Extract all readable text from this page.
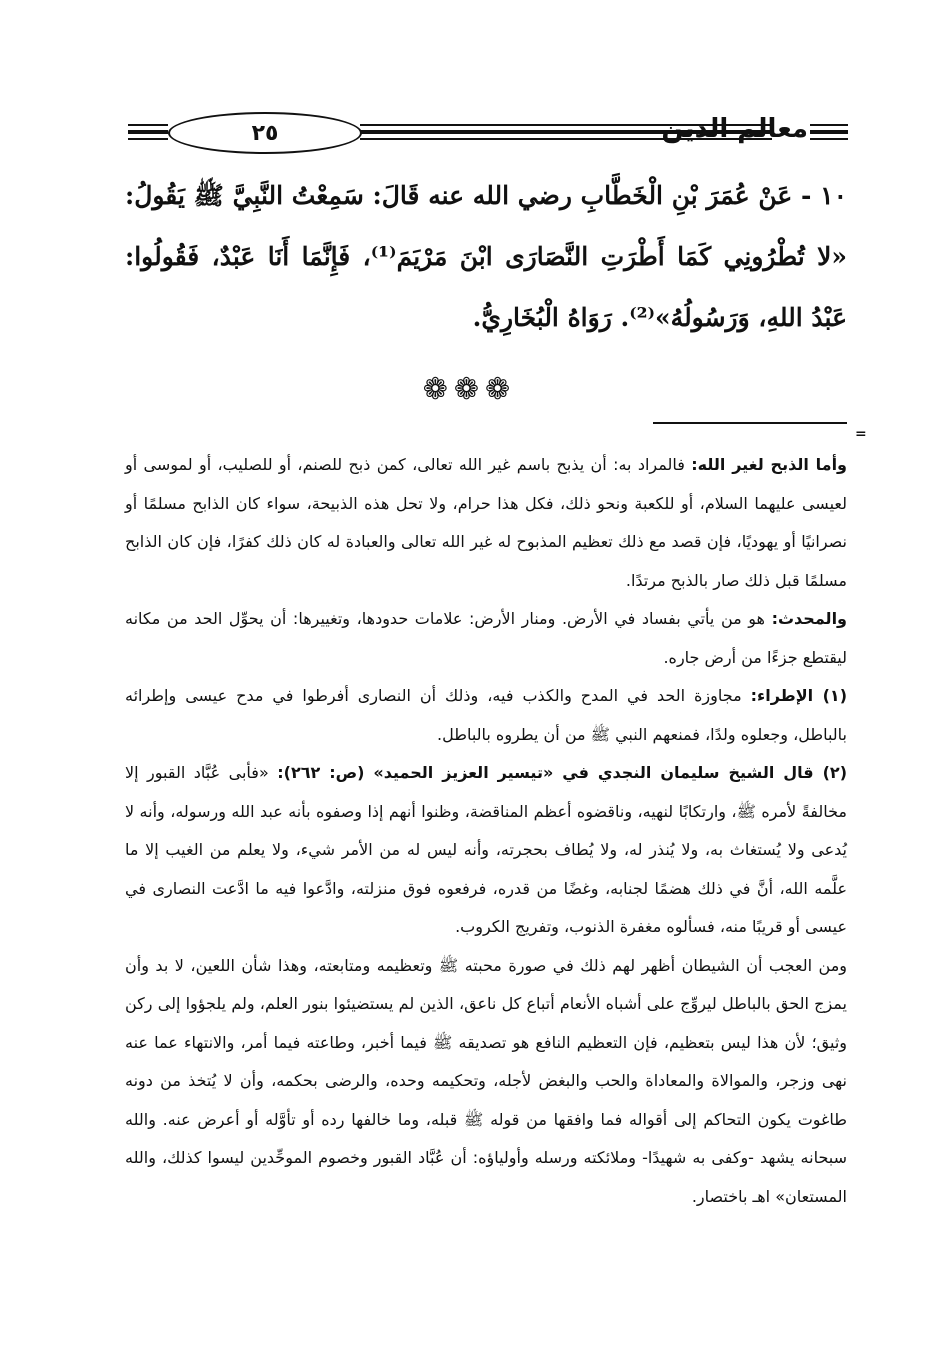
٢٥	معالم الدين
١٠ - عَنْ عُمَرَ بْنِ الْخَطَّابِ رضي الله عنه قَالَ: سَمِعْتُ النَّبِيَّ ﷺ يَقُولُ: «لا تُطْرُونِي كَمَا أَطْرَتِ النَّصَارَى ابْنَ مَرْيَمَ⁽¹⁾، فَإِنَّمَا أَنَا عَبْدٌ، فَقُولُوا: عَبْدُ اللهِ، وَرَسُولُهُ»⁽²⁾. رَوَاهُ الْبُخَارِيُّ.
❁❁❁
=

وأما الذبح لغير الله: فالمراد به: أن يذبح باسم غير الله تعالى، كمن ذبح للصنم، أو للصليب، أو لموسى أو لعيسى عليهما السلام، أو للكعبة ونحو ذلك، فكل هذا حرام، ولا تحل هذه الذبيحة، سواء كان الذابح مسلمًا أو نصرانيًا أو يهوديًا، فإن قصد مع ذلك تعظيم المذبوح له غير الله تعالى والعبادة له كان ذلك كفرًا، فإن كان الذابح مسلمًا قبل ذلك صار بالذبح مرتدًا.

والمحدث: هو من يأتي بفساد في الأرض. ومنار الأرض: علامات حدودها، وتغييرها: أن يحوِّل الحد من مكانه ليقتطع جزءًا من أرض جاره.

(١) الإطراء: مجاوزة الحد في المدح والكذب فيه، وذلك أن النصارى أفرطوا في مدح عيسى وإطرائه بالباطل، وجعلوه ولدًا، فمنعهم النبي ﷺ من أن يطروه بالباطل.

(٢) قال الشيخ سليمان النجدي في «تيسير العزيز الحميد» (ص: ٢٦٢): «فأبى عُبَّاد القبور إلا مخالفةً لأمره ﷺ، وارتكابًا لنهيه، وناقضوه أعظم المناقضة، وظنوا أنهم إذا وصفوه بأنه عبد الله ورسوله، وأنه لا يُدعى ولا يُستغاث به، ولا يُنذر له، ولا يُطاف بحجرته، وأنه ليس له من الأمر شيء، ولا يعلم من الغيب إلا ما علَّمه الله، أنَّ في ذلك هضمًا لجنابه، وغضًا من قدره، فرفعوه فوق منزلته، وادَّعوا فيه ما ادَّعت النصارى في عيسى أو قريبًا منه، فسألوه مغفرة الذنوب، وتفريج الكروب.

ومن العجب أن الشيطان أظهر لهم ذلك في صورة محبته ﷺ وتعظيمه ومتابعته، وهذا شأن اللعين، لا بد وأن يمزج الحق بالباطل ليروِّج على أشباه الأنعام أتباع كل ناعق، الذين لم يستضيئوا بنور العلم، ولم يلجؤوا إلى ركن وثيق؛ لأن هذا ليس بتعظيم، فإن التعظيم النافع هو تصديقه ﷺ فيما أخبر، وطاعته فيما أمر، والانتهاء عما عنه نهى وزجر، والموالاة والمعاداة والحب والبغض لأجله، وتحكيمه وحده، والرضى بحكمه، وأن لا يُتخذ من دونه طاغوت يكون التحاكم إلى أقواله فما وافقها من قوله ﷺ قبله، وما خالفها رده أو تأوَّله أو أعرض عنه. والله سبحانه يشهد -وكفى به شهيدًا- وملائكته ورسله وأولياؤه: أن عُبَّاد القبور وخصوم الموحِّدين ليسوا كذلك، والله المستعان» اهـ باختصار.
